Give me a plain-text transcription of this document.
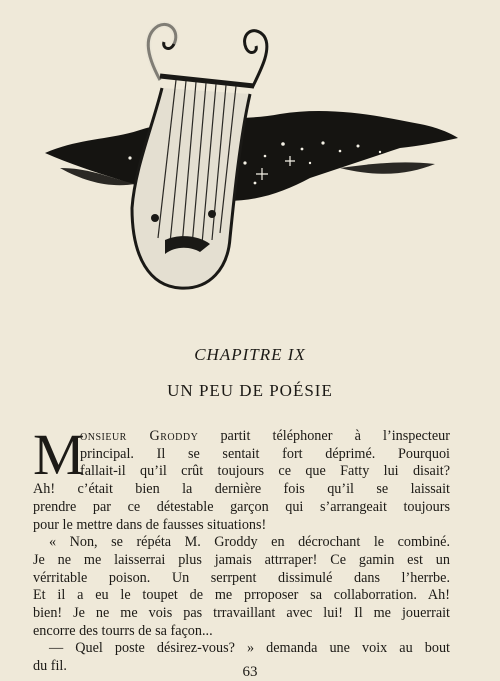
CHAPITRE IX
UN PEU DE POÉSIE
M
onsieur Groddy partit téléphoner à l’inspecteur
principal. Il se sentait fort déprimé. Pourquoi
fallait-il qu’il crût toujours ce que Fatty lui disait?
Ah! c’était bien la dernière fois qu’il se laissait
prendre par ce détestable garçon qui s’arrangeait toujours
pour le mettre dans de fausses situations!
« Non, se répéta M. Groddy en décrochant le combiné.
Je ne me laisserrai plus jamais attrraper! Ce gamin est un
vérritable poison. Un serrpent dissimulé dans l’herrbe.
Et il a eu le toupet de me prroposer sa collaborration. Ah!
bien! Je ne me vois pas trravaillant avec lui! Il me jouerrait
encorre des tourrs de sa façon...
— Quel poste désirez-vous? » demanda une voix au bout
du fil.	63
